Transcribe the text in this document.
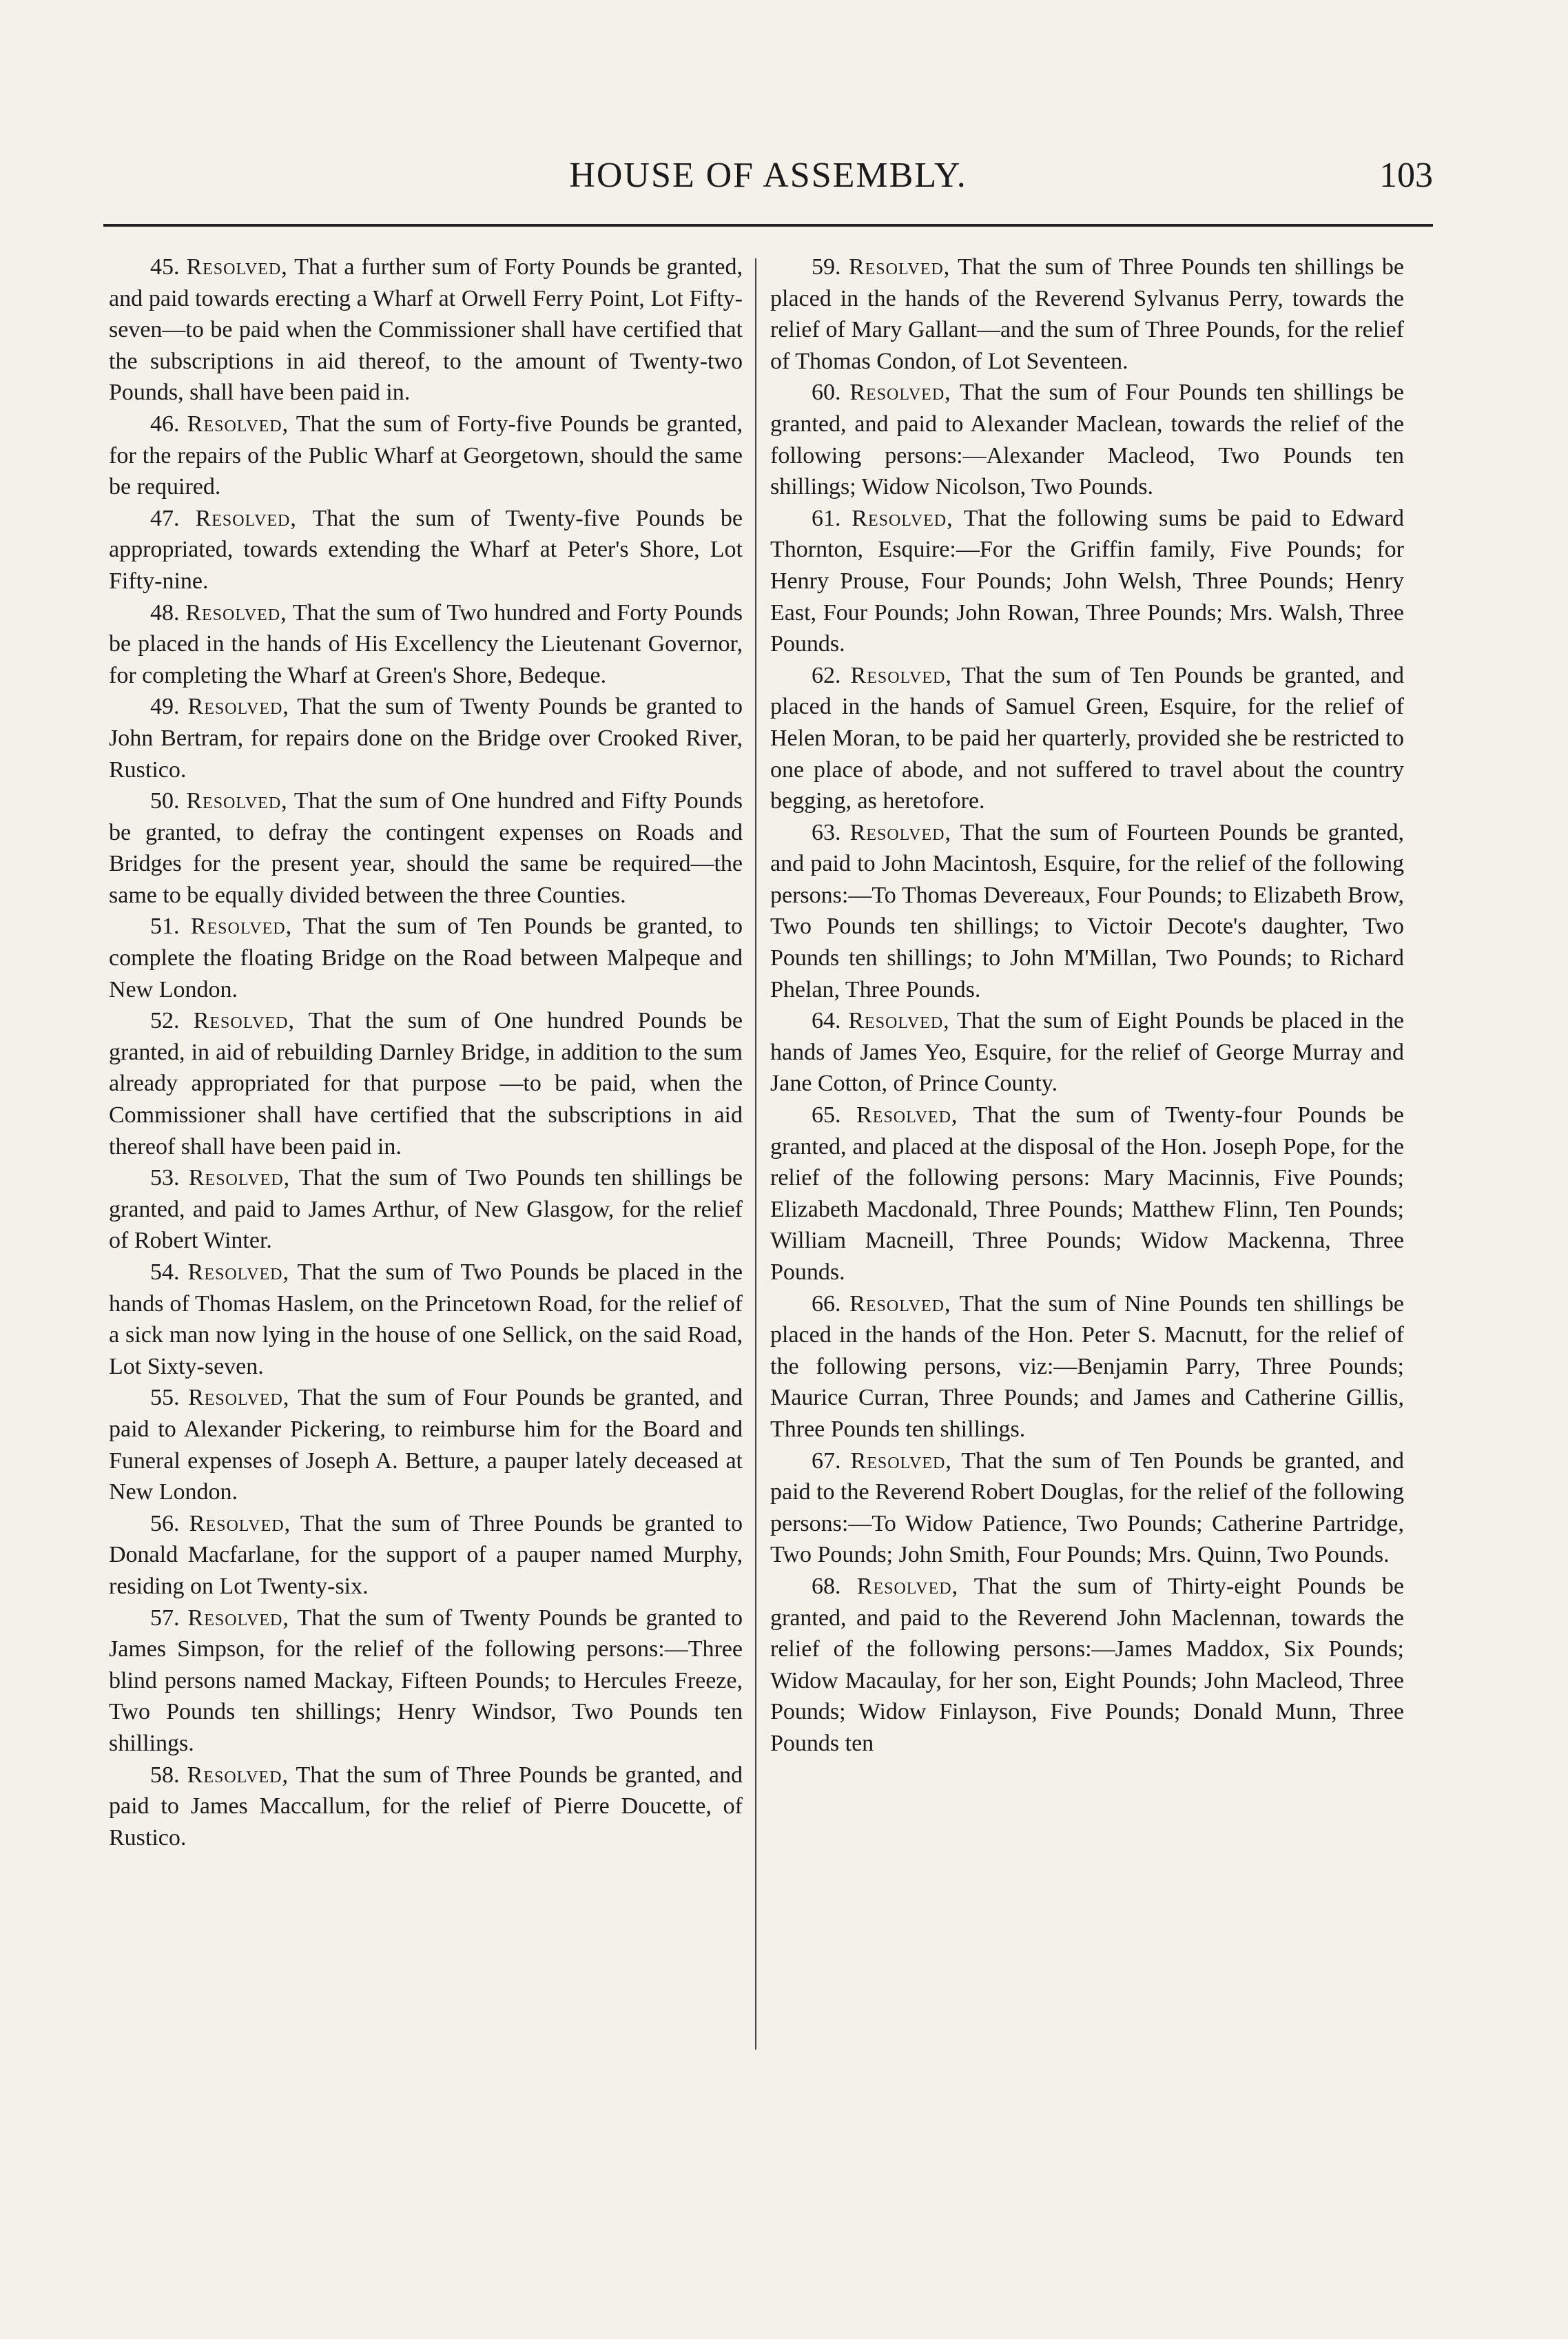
HOUSE OF ASSEMBLY.	103

45. Resolved, That a further sum of Forty Pounds be granted, and paid towards erecting a Wharf at Orwell Ferry Point, Lot Fifty-seven—to be paid when the Commissioner shall have certified that the subscriptions in aid thereof, to the amount of Twenty-two Pounds, shall have been paid in.

46. Resolved, That the sum of Forty-five Pounds be granted, for the repairs of the Public Wharf at Georgetown, should the same be required.

47. Resolved, That the sum of Twenty-five Pounds be appropriated, towards extending the Wharf at Peter's Shore, Lot Fifty-nine.

48. Resolved, That the sum of Two hundred and Forty Pounds be placed in the hands of His Excellency the Lieutenant Governor, for completing the Wharf at Green's Shore, Bedeque.

49. Resolved, That the sum of Twenty Pounds be granted to John Bertram, for repairs done on the Bridge over Crooked River, Rustico.

50. Resolved, That the sum of One hundred and Fifty Pounds be granted, to defray the contingent expenses on Roads and Bridges for the present year, should the same be required—the same to be equally divided between the three Counties.

51. Resolved, That the sum of Ten Pounds be granted, to complete the floating Bridge on the Road between Malpeque and New London.

52. Resolved, That the sum of One hundred Pounds be granted, in aid of rebuilding Darnley Bridge, in addition to the sum already appropriated for that purpose —to be paid, when the Commissioner shall have certified that the subscriptions in aid thereof shall have been paid in.

53. Resolved, That the sum of Two Pounds ten shillings be granted, and paid to James Arthur, of New Glasgow, for the relief of Robert Winter.

54. Resolved, That the sum of Two Pounds be placed in the hands of Thomas Haslem, on the Princetown Road, for the relief of a sick man now lying in the house of one Sellick, on the said Road, Lot Sixty-seven.

55. Resolved, That the sum of Four Pounds be granted, and paid to Alexander Pickering, to reimburse him for the Board and Funeral expenses of Joseph A. Betture, a pauper lately deceased at New London.

56. Resolved, That the sum of Three Pounds be granted to Donald Macfarlane, for the support of a pauper named Murphy, residing on Lot Twenty-six.

57. Resolved, That the sum of Twenty Pounds be granted to James Simpson, for the relief of the following persons:—Three blind persons named Mackay, Fifteen Pounds; to Hercules Freeze, Two Pounds ten shillings; Henry Windsor, Two Pounds ten shillings.

58. Resolved, That the sum of Three Pounds be granted, and paid to James Maccallum, for the relief of Pierre Doucette, of Rustico.

59. Resolved, That the sum of Three Pounds ten shillings be placed in the hands of the Reverend Sylvanus Perry, towards the relief of Mary Gallant—and the sum of Three Pounds, for the relief of Thomas Condon, of Lot Seventeen.

60. Resolved, That the sum of Four Pounds ten shillings be granted, and paid to Alexander Maclean, towards the relief of the following persons:—Alexander Macleod, Two Pounds ten shillings; Widow Nicolson, Two Pounds.

61. Resolved, That the following sums be paid to Edward Thornton, Esquire:—For the Griffin family, Five Pounds; for Henry Prouse, Four Pounds; John Welsh, Three Pounds; Henry East, Four Pounds; John Rowan, Three Pounds; Mrs. Walsh, Three Pounds.

62. Resolved, That the sum of Ten Pounds be granted, and placed in the hands of Samuel Green, Esquire, for the relief of Helen Moran, to be paid her quarterly, provided she be restricted to one place of abode, and not suffered to travel about the country begging, as heretofore.

63. Resolved, That the sum of Fourteen Pounds be granted, and paid to John Macintosh, Esquire, for the relief of the following persons:—To Thomas Devereaux, Four Pounds; to Elizabeth Brow, Two Pounds ten shillings; to Victoir Decote's daughter, Two Pounds ten shillings; to John M'Millan, Two Pounds; to Richard Phelan, Three Pounds.

64. Resolved, That the sum of Eight Pounds be placed in the hands of James Yeo, Esquire, for the relief of George Murray and Jane Cotton, of Prince County.

65. Resolved, That the sum of Twenty-four Pounds be granted, and placed at the disposal of the Hon. Joseph Pope, for the relief of the following persons: Mary Macinnis, Five Pounds; Elizabeth Macdonald, Three Pounds; Matthew Flinn, Ten Pounds; William Macneill, Three Pounds; Widow Mackenna, Three Pounds.

66. Resolved, That the sum of Nine Pounds ten shillings be placed in the hands of the Hon. Peter S. Macnutt, for the relief of the following persons, viz:—Benjamin Parry, Three Pounds; Maurice Curran, Three Pounds; and James and Catherine Gillis, Three Pounds ten shillings.

67. Resolved, That the sum of Ten Pounds be granted, and paid to the Reverend Robert Douglas, for the relief of the following persons:—To Widow Patience, Two Pounds; Catherine Partridge, Two Pounds; John Smith, Four Pounds; Mrs. Quinn, Two Pounds.

68. Resolved, That the sum of Thirty-eight Pounds be granted, and paid to the Reverend John Maclennan, towards the relief of the following persons:—James Maddox, Six Pounds; Widow Macaulay, for her son, Eight Pounds; John Macleod, Three Pounds; Widow Finlayson, Five Pounds; Donald Munn, Three Pounds ten
